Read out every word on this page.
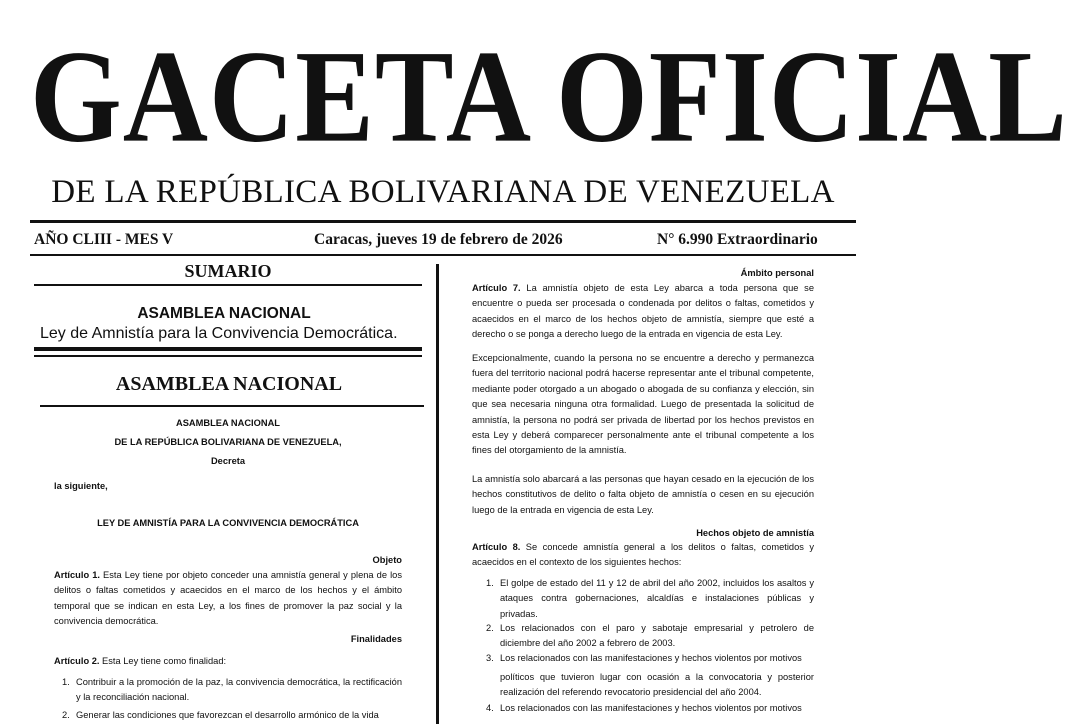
GACETA OFICIAL
DE LA REPÚBLICA BOLIVARIANA DE VENEZUELA
AÑO CLIII - MES V	Caracas, jueves 19 de febrero de 2026	N° 6.990 Extraordinario
SUMARIO
ASAMBLEA NACIONAL
Ley de Amnistía para la Convivencia Democrática.
ASAMBLEA NACIONAL
ASAMBLEA NACIONAL
DE LA REPÚBLICA BOLIVARIANA DE VENEZUELA,
Decreta
la siguiente,
LEY DE AMNISTÍA PARA LA CONVIVENCIA DEMOCRÁTICA
Objeto
Artículo 1. Esta Ley tiene por objeto conceder una amnistía general y plena de los delitos o faltas cometidos y acaecidos en el marco de los hechos y el ámbito temporal que se indican en esta Ley, a los fines de promover la paz social y la convivencia democrática.
Finalidades
Artículo 2. Esta Ley tiene como finalidad:
1. Contribuir a la promoción de la paz, la convivencia democrática, la rectificación y la reconciliación nacional.
2. Generar las condiciones que favorezcan el desarrollo armónico de la vida
Ámbito personal
Artículo 7. La amnistía objeto de esta Ley abarca a toda persona que se encuentre o pueda ser procesada o condenada por delitos o faltas, cometidos y acaecidos en el marco de los hechos objeto de amnistía, siempre que esté a derecho o se ponga a derecho luego de la entrada en vigencia de esta Ley.
Excepcionalmente, cuando la persona no se encuentre a derecho y permanezca fuera del territorio nacional podrá hacerse representar ante el tribunal competente, mediante poder otorgado a un abogado o abogada de su confianza y elección, sin que sea necesaria ninguna otra formalidad. Luego de presentada la solicitud de amnistía, la persona no podrá ser privada de libertad por los hechos previstos en esta Ley y deberá comparecer personalmente ante el tribunal competente a los fines del otorgamiento de la amnistía.
La amnistía solo abarcará a las personas que hayan cesado en la ejecución de los hechos constitutivos de delito o falta objeto de amnistía o cesen en su ejecución luego de la entrada en vigencia de esta Ley.
Hechos objeto de amnistía
Artículo 8. Se concede amnistía general a los delitos o faltas, cometidos y acaecidos en el contexto de los siguientes hechos:
1. El golpe de estado del 11 y 12 de abril del año 2002, incluidos los asaltos y ataques contra gobernaciones, alcaldías e instalaciones públicas y privadas.
2. Los relacionados con el paro y sabotaje empresarial y petrolero de diciembre del año 2002 a febrero de 2003.
3. Los relacionados con las manifestaciones y hechos violentos por motivos
políticos que tuvieron lugar con ocasión a la convocatoria y posterior realización del referendo revocatorio presidencial del año 2004.
4. Los relacionados con las manifestaciones y hechos violentos por motivos
